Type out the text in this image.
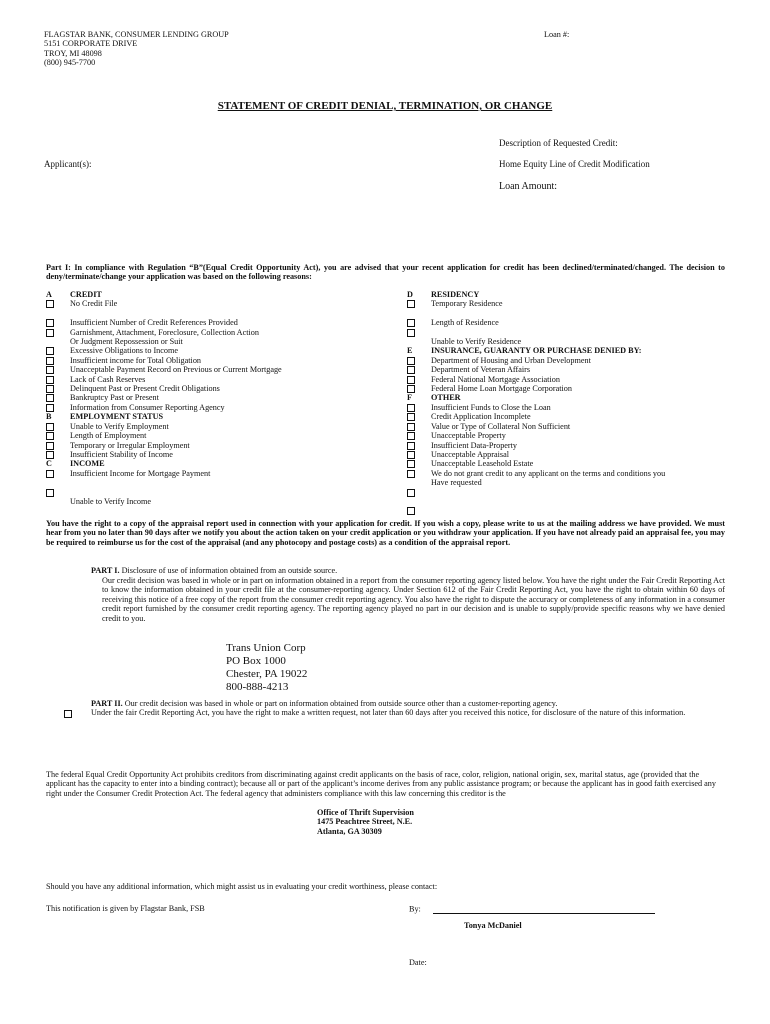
FLAGSTAR BANK, CONSUMER LENDING GROUP
5151 CORPORATE DRIVE
TROY, MI 48098
(800) 945-7700
Loan #:
STATEMENT OF CREDIT DENIAL, TERMINATION, OR CHANGE
Description of Requested Credit:
Applicant(s):	Home Equity Line of Credit Modification
Loan Amount:
Part I: In compliance with Regulation “B”(Equal Credit Opportunity Act), you are advised that your recent application for credit has been declined/terminated/changed. The decision to deny/terminate/change your application was based on the following reasons:
A CREDIT
No Credit File
Insufficient Number of Credit References Provided
Garnishment, Attachment, Foreclosure, Collection Action
Or Judgment Repossession or Suit
Excessive Obligations to Income
Insufficient income for Total Obligation
Unacceptable Payment Record on Previous or Current Mortgage
Lack of Cash Reserves
Delinquent Past or Present Credit Obligations
Bankruptcy Past or Present
Information from Consumer Reporting Agency
B EMPLOYMENT STATUS
Unable to Verify Employment
Length of Employment
Temporary or Irregular Employment
Insufficient Stability of Income
C INCOME
Insufficient Income for Mortgage Payment
Unable to Verify Income
D RESIDENCY
Temporary Residence
Length of Residence
Unable to Verify Residence
E INSURANCE, GUARANTY OR PURCHASE DENIED BY:
Department of Housing and Urban Development
Department of Veteran Affairs
Federal National Mortgage Association
Federal Home Loan Mortgage Corporation
F OTHER
Insufficient Funds to Close the Loan
Credit Application Incomplete
Value or Type of Collateral Non Sufficient
Unacceptable Property
Insufficient Data-Property
Unacceptable Appraisal
Unacceptable Leasehold Estate
We do not grant credit to any applicant on the terms and conditions you
Have requested
You have the right to a copy of the appraisal report used in connection with your application for credit. If you wish a copy, please write to us at the mailing address we have provided. We must hear from you no later than 90 days after we notify you about the action taken on your credit application or you withdraw your application. If you have not already paid an appraisal fee, you may be required to reimburse us for the cost of the appraisal (and any photocopy and postage costs) as a condition of the appraisal report.
PART I. Disclosure of use of information obtained from an outside source.
Our credit decision was based in whole or in part on information obtained in a report from the consumer reporting agency listed below. You have the right under the Fair Credit Reporting Act to know the information obtained in your credit file at the consumer-reporting agency. Under Section 612 of the Fair Credit Reporting Act, you have the right to obtain within 60 days of receiving this notice of a free copy of the report from the consumer credit reporting agency. You also have the right to dispute the accuracy or completeness of any information in a consumer credit report furnished by the consumer credit reporting agency. The reporting agency played no part in our decision and is unable to supply/provide specific reasons why we have denied credit to you.
Trans Union Corp
PO Box 1000
Chester, PA 19022
800-888-4213
PART II. Our credit decision was based in whole or part on information obtained from outside source other than a customer-reporting agency.
Under the fair Credit Reporting Act, you have the right to make a written request, not later than 60 days after you received this notice, for disclosure of the nature of this information.
The federal Equal Credit Opportunity Act prohibits creditors from discriminating against credit applicants on the basis of race, color, religion, national origin, sex, marital status, age (provided that the applicant has the capacity to enter into a binding contract); because all or part of the applicant’s income derives from any public assistance program; or because the applicant has in good faith exercised any right under the Consumer Credit Protection Act. The federal agency that administers compliance with this law concerning this creditor is the
Office of Thrift Supervision
1475 Peachtree Street, N.E.
Atlanta, GA 30309
Should you have any additional information, which might assist us in evaluating your credit worthiness, please contact:
This notification is given by Flagstar Bank, FSB	By:
Tonya McDaniel
Date:
